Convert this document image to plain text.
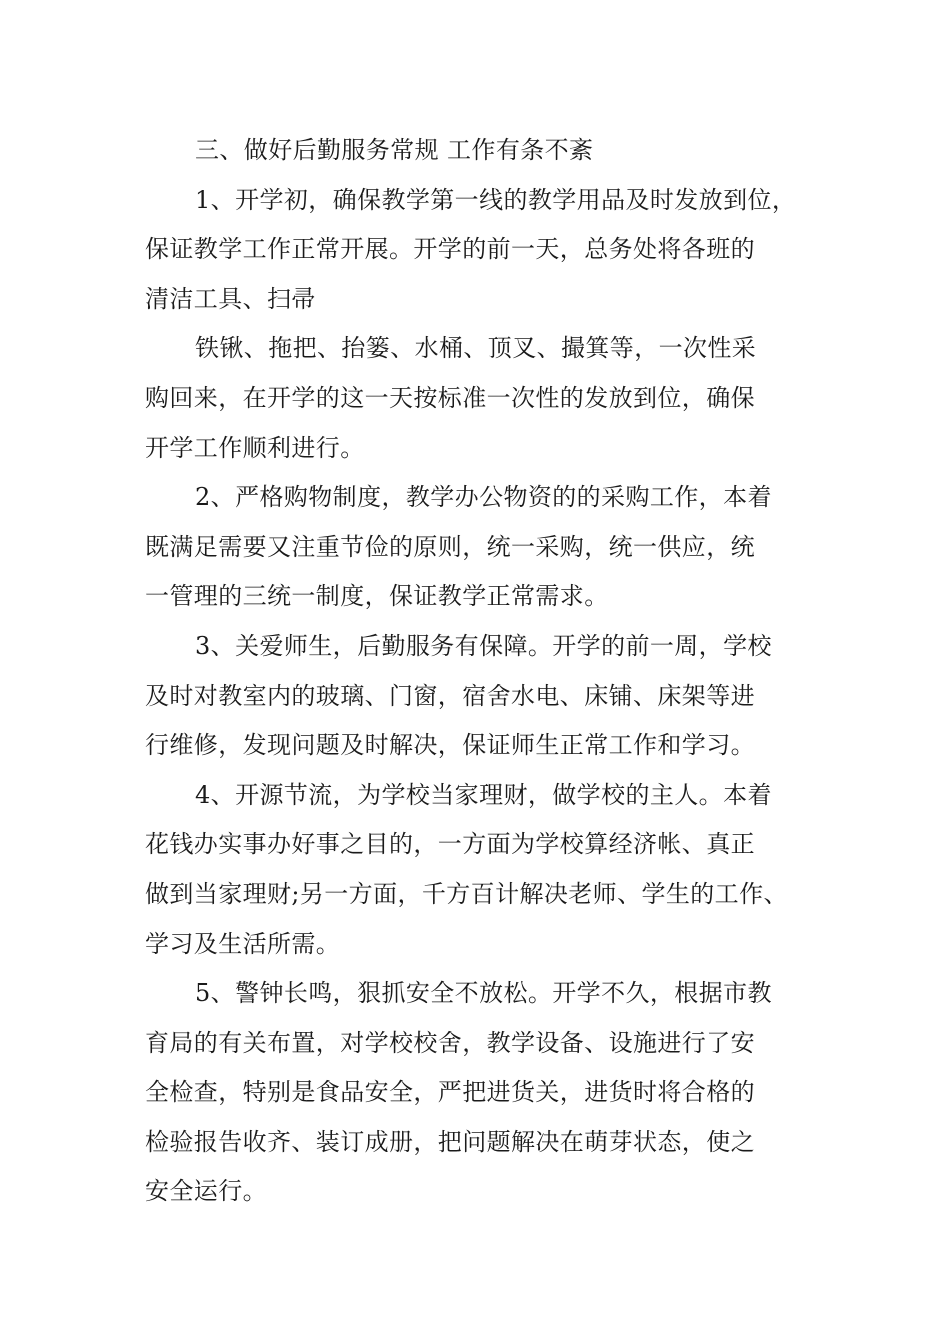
三、做好后勤服务常规 工作有条不紊

1、开学初，确保教学第一线的教学用品及时发放到位，
保证教学工作正常开展。开学的前一天，总务处将各班的
清洁工具、扫帚

铁锹、拖把、抬篓、水桶、顶叉、撮箕等，一次性采
购回来，在开学的这一天按标准一次性的发放到位，确保
开学工作顺利进行。

2、严格购物制度，教学办公物资的的采购工作，本着
既满足需要又注重节俭的原则，统一采购，统一供应，统
一管理的三统一制度，保证教学正常需求。

3、关爱师生，后勤服务有保障。开学的前一周，学校
及时对教室内的玻璃、门窗，宿舍水电、床铺、床架等进
行维修，发现问题及时解决，保证师生正常工作和学习。

4、开源节流，为学校当家理财，做学校的主人。本着
花钱办实事办好事之目的，一方面为学校算经济帐、真正
做到当家理财;另一方面，千方百计解决老师、学生的工作、
学习及生活所需。

5、警钟长鸣，狠抓安全不放松。开学不久，根据市教
育局的有关布置，对学校校舍，教学设备、设施进行了安
全检查，特别是食品安全，严把进货关，进货时将合格的
检验报告收齐、装订成册，把问题解决在萌芽状态，使之
安全运行。
